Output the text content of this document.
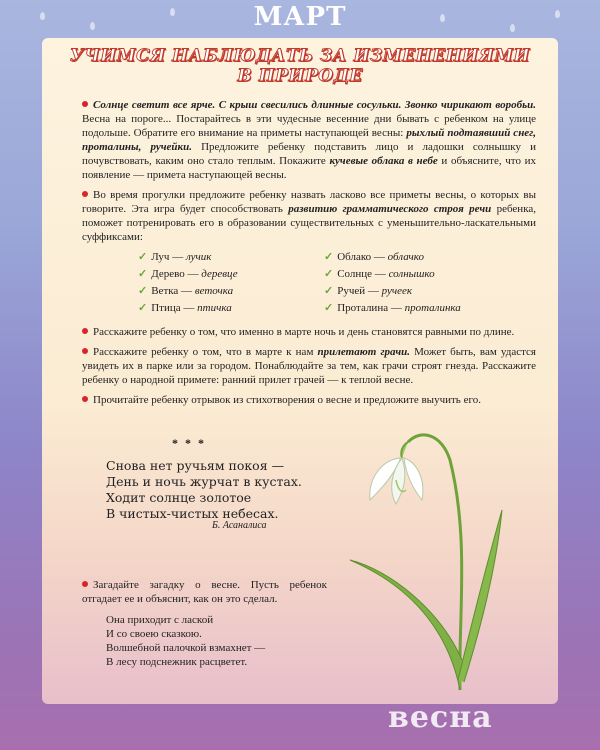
МАРТ
УЧИМСЯ НАБЛЮДАТЬ ЗА ИЗМЕНЕНИЯМИ
В ПРИРОДЕ

Солнце светит все ярче. С крыш свесились длинные сосульки. Звонко чирикают воробьи. Весна на пороге... Постарайтесь в эти чудесные весенние дни бывать с ребенком на улице подольше. Обратите его внимание на приметы наступающей весны: рыхлый подтаявший снег, проталины, ручейки. Предложите ребенку подставить лицо и ладошки солнышку и почувствовать, каким оно стало теплым. Покажите кучевые облака в небе и объясните, что их появление — примета наступающей весны.

Во время прогулки предложите ребенку назвать ласково все приметы весны, о которых вы говорите. Эта игра будет способствовать развитию грамматического строя речи ребенка, поможет потренировать его в образовании существительных с уменьшительно-ласкательными суффиксами:

✓ Луч — лучик	✓ Облако — облачко
✓ Дерево — деревце	✓ Солнце — солнышко
✓ Ветка — веточка	✓ Ручей — ручеек
✓ Птица — птичка	✓ Проталина — проталинка

Расскажите ребенку о том, что именно в марте ночь и день становятся равными по длине.

Расскажите ребенку о том, что в марте к нам прилетают грачи. Может быть, вам удастся увидеть их в парке или за городом. Понаблюдайте за тем, как грачи строят гнезда. Расскажите ребенку о народной примете: ранний прилет грачей — к теплой весне.

Прочитайте ребенку отрывок из стихотворения о весне и предложите выучить его.

* * *
Снова нет ручьям покоя —
День и ночь журчат в кустах.
Ходит солнце золотое
В чистых-чистых небесах.
Б. Асаналиса
Загадайте загадку о весне. Пусть ребенок отгадает ее и объяснит, как он это сделал.
Она приходит с лаской
И со своею сказкою.
Волшебной палочкой взмахнет —
В лесу подснежник расцветет.
весна
